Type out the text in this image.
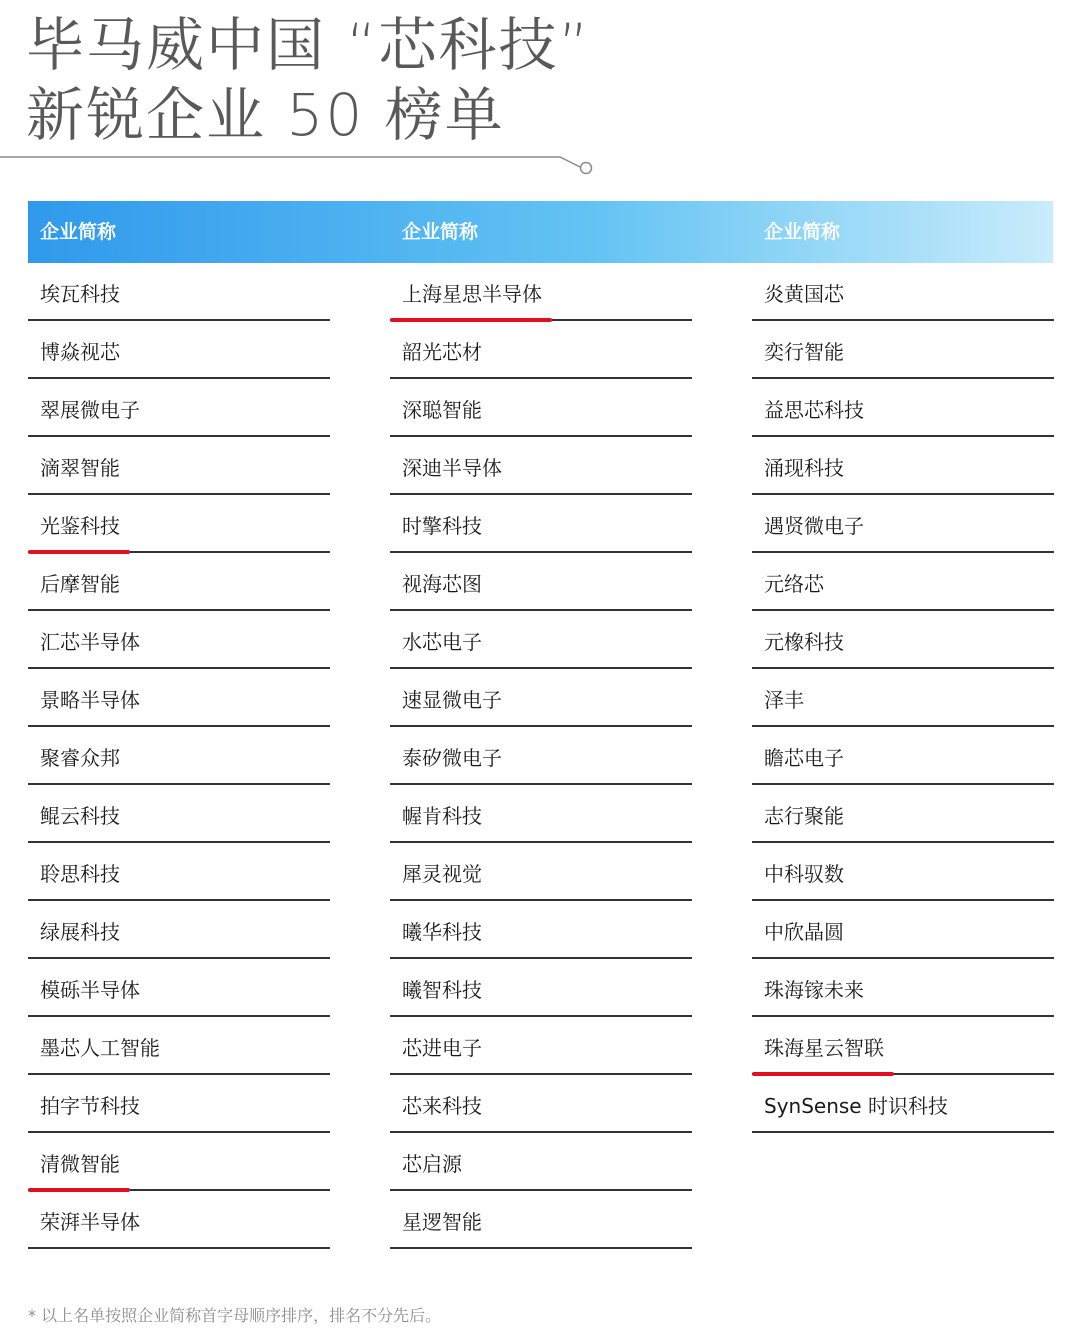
毕马威中国 “芯科技”
新锐企业 50 榜单
企业简称	企业简称	企业简称
埃瓦科技
博焱视芯
翠展微电子
滴翠智能
光鉴科技
后摩智能
汇芯半导体
景略半导体
聚睿众邦
鲲云科技
聆思科技
绿展科技
模砾半导体
墨芯人工智能
拍字节科技
清微智能
荣湃半导体
上海星思半导体
韶光芯材
深聪智能
深迪半导体
时擎科技
视海芯图
水芯电子
速显微电子
泰矽微电子
幄肯科技
犀灵视觉
曦华科技
曦智科技
芯进电子
芯来科技
芯启源
星逻智能
炎黄国芯
奕行智能
益思芯科技
涌现科技
遇贤微电子
元络芯
元橡科技
泽丰
瞻芯电子
志行聚能
中科驭数
中欣晶圆
珠海镓未来
珠海星云智联
SynSense 时识科技
* 以上名单按照企业简称首字母顺序排序，排名不分先后。
